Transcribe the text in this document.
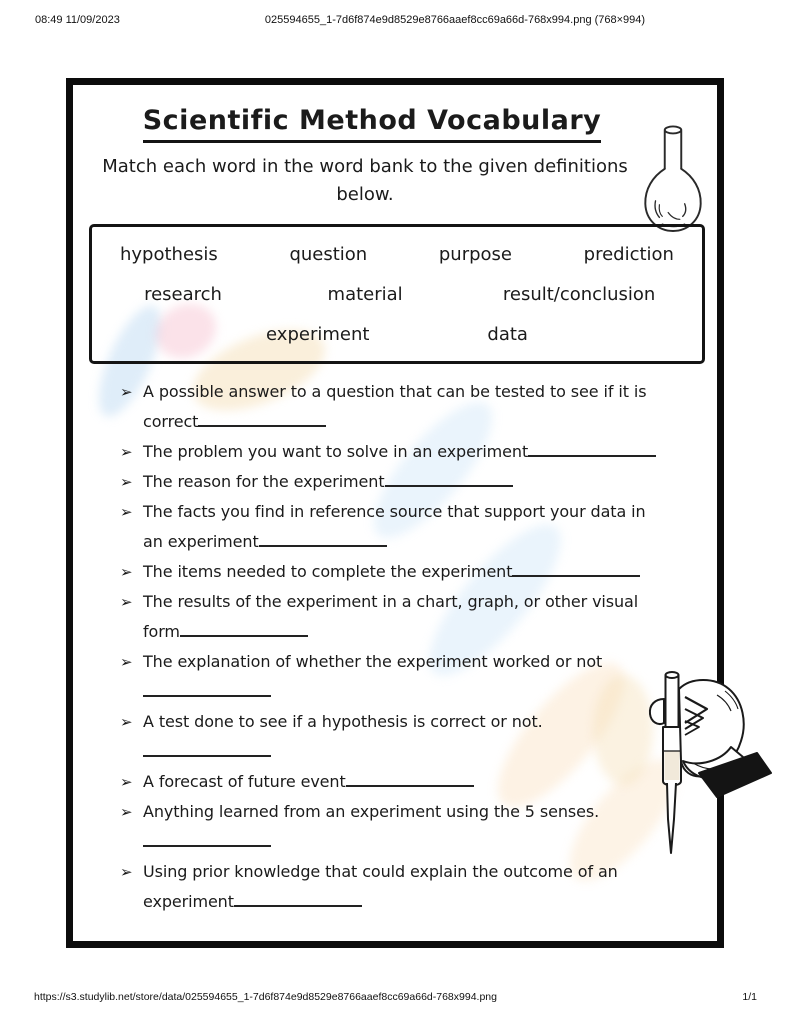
08:49 11/09/2023	025594655_1-7d6f874e9d8529e8766aaef8cc69a66d-768x994.png (768×994)
Scientific Method Vocabulary
Match each word in the word bank to the given definitions
below.
hypothesis	question	purpose	prediction
research	material	result/conclusion
experiment	data
➢ A possible answer to a question that can be tested to see if it is
correct
➢ The problem you want to solve in an experiment
➢ The reason for the experiment
➢ The facts you find in reference source that support your data in
an experiment
➢ The items needed to complete the experiment
➢ The results of the experiment in a chart, graph, or other visual
form
➢ The explanation of whether the experiment worked or not
➢ A test done to see if a hypothesis is correct or not.
➢ A forecast of future event
➢ Anything learned from an experiment using the 5 senses.
➢ Using prior knowledge that could explain the outcome of an
experiment
https://s3.studylib.net/store/data/025594655_1-7d6f874e9d8529e8766aaef8cc69a66d-768x994.png	1/1
